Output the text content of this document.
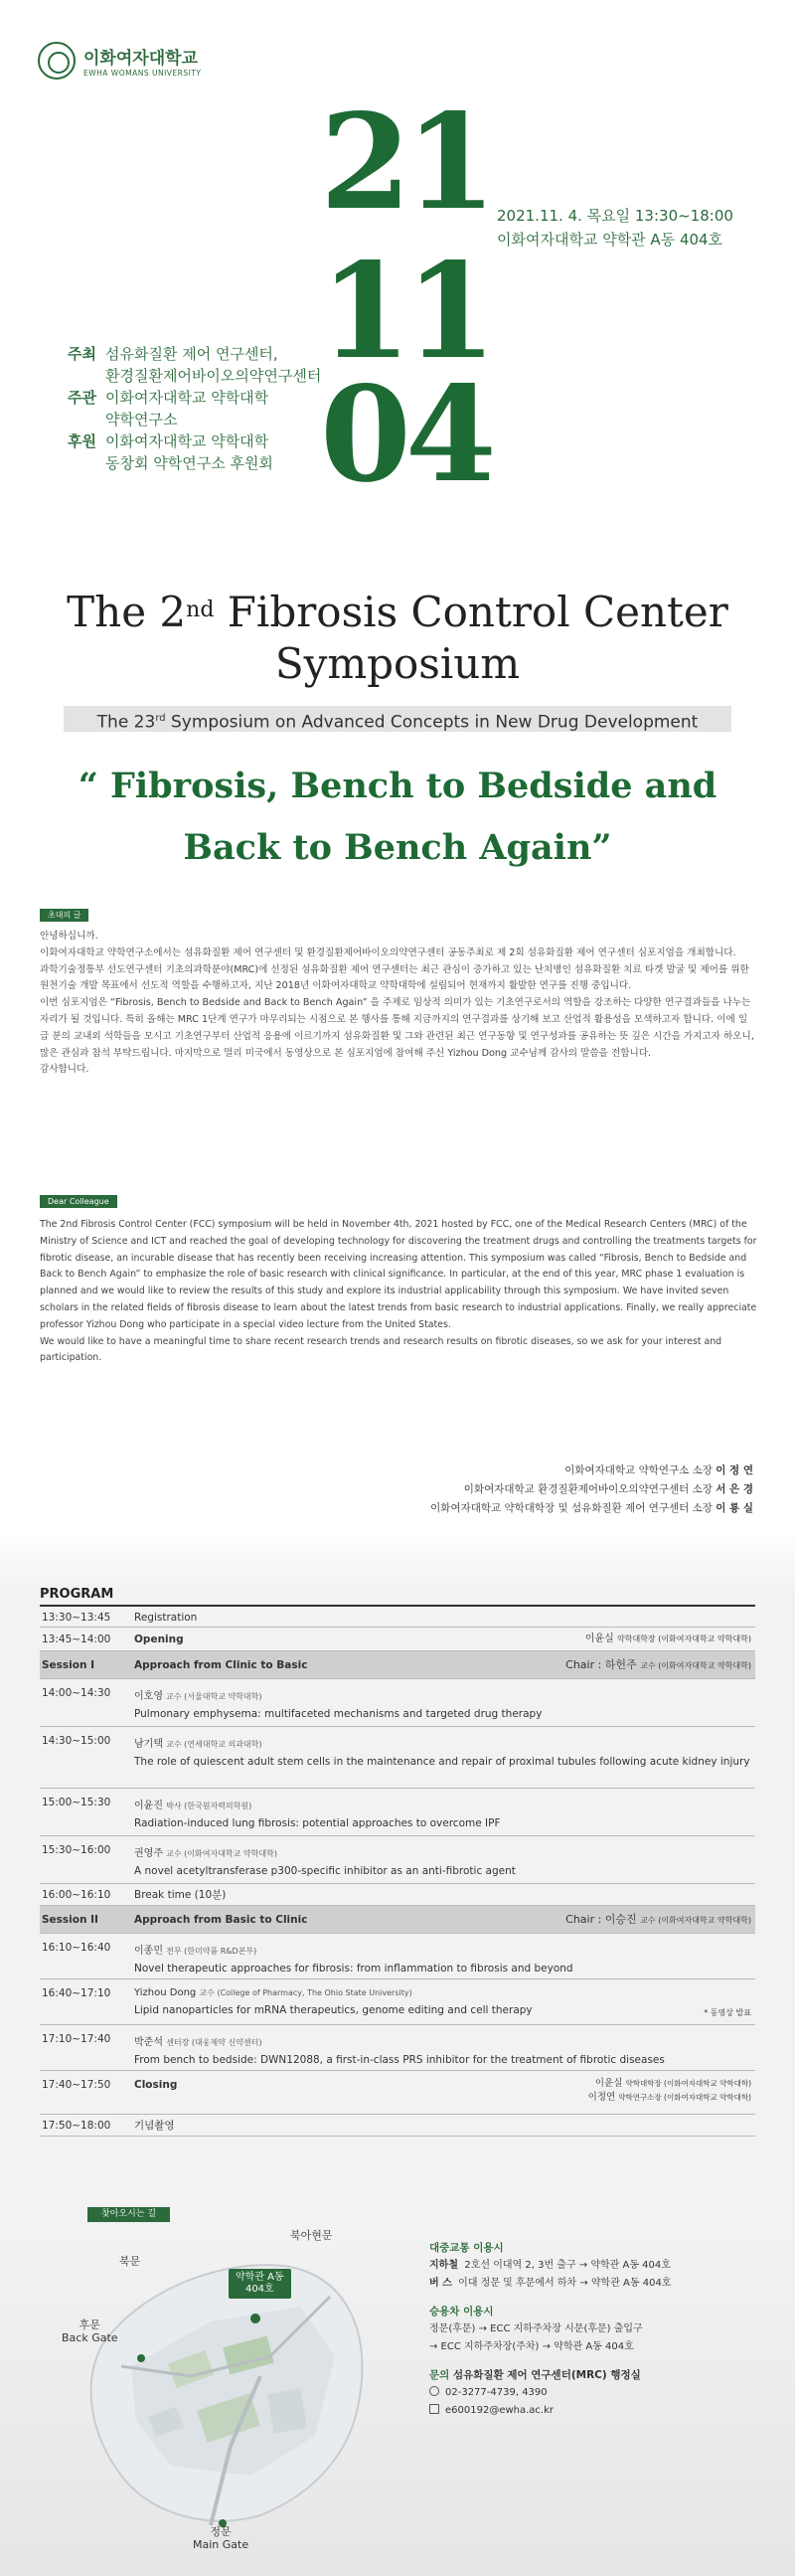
이화여자대학교
EWHA WOMANS UNIVERSITY
21
11
04
2021.11. 4. 목요일 13:30~18:00
이화여자대학교 약학관 A동 404호
주최 섬유화질환 제어 연구센터,
환경질환제어바이오의약연구센터
주관 이화여자대학교 약학대학
약학연구소
후원 이화여자대학교 약학대학
동창회 약학연구소 후원회
The 2nd Fibrosis Control Center
Symposium
The 23rd Symposium on Advanced Concepts in New Drug Development
“ Fibrosis, Bench to Bedside and
Back to Bench Again”
초대의 글

안녕하십니까.

이화여자대학교 약학연구소에서는 섬유화질환 제어 연구센터 및 환경질환제어바이오의약연구센터 공동주최로 제 2회 섬유화질환 제어 연구센터 심포지엄을 개최합니다.

과학기술정통부 선도연구센터 기초의과학분야(MRC)에 선정된 섬유화질환 제어 연구센터는 최근 관심이 증가하고 있는 난치병인 섬유화질환 치료 타겟 발굴 및 제어를 위한 원천기술 개발 목표에서 선도적 역할을 수행하고자, 지난 2018년 이화여자대학교 약학대학에 설립되어 현재까지 활발한 연구를 진행 중입니다.

이번 심포지엄은 “Fibrosis, Bench to Bedside and Back to Bench Again” 을 주제로 임상적 의미가 있는 기초연구로서의 역할을 강조하는 다양한 연구결과들을 나누는 자리가 될 것입니다. 특히 올해는 MRC 1단계 연구가 마무리되는 시점으로 본 행사를 통해 지금까지의 연구결과를 상기해 보고 산업적 활용성을 모색하고자 합니다. 이에 일급 분의 교내외 석학들을 모시고 기초연구부터 산업적 응용에 이르기까지 섬유화질환 및 그와 관련된 최근 연구동향 및 연구성과를 공유하는 뜻 깊은 시간을 가지고자 하오니, 많은 관심과 참석 부탁드립니다. 마지막으로 멀리 미국에서 동영상으로 본 심포지엄에 참여해 주신 Yizhou Dong 교수님께 감사의 말씀을 전합니다.

감사합니다.

Dear Colleague

The 2nd Fibrosis Control Center (FCC) symposium will be held in November 4th, 2021 hosted by FCC, one of the Medical Research Centers (MRC) of the Ministry of Science and ICT and reached the goal of developing technology for discovering the treatment drugs and controlling the treatments targets for fibrotic disease, an incurable disease that has recently been receiving increasing attention. This symposium was called “Fibrosis, Bench to Bedside and Back to Bench Again” to emphasize the role of basic research with clinical significance. In particular, at the end of this year, MRC phase 1 evaluation is planned and we would like to review the results of this study and explore its industrial applicability through this symposium. We have invited seven scholars in the related fields of fibrosis disease to learn about the latest trends from basic research to industrial applications. Finally, we really appreciate professor Yizhou Dong who participate in a special video lecture from the United States.

We would like to have a meaningful time to share recent research trends and research results on fibrotic diseases, so we ask for your interest and participation.

이화여자대학교 약학연구소 소장 이 정 연
이화여자대학교 환경질환제어바이오의약연구센터 소장 서 은 경
이화여자대학교 약학대학장 및 섬유화질환 제어 연구센터 소장 이 룡 실
PROGRAM
13:30~13:45	Registration
13:45~14:00	Opening	이윤실 약학대학장 (이화여자대학교 약학대학)
Session I	Approach from Clinic to Basic	Chair : 하헌주 교수 (이화여자대학교 약학대학)
14:00~14:30	이호영 교수 (서울대학교 약학대학)
Pulmonary emphysema: multifaceted mechanisms and targeted drug therapy
14:30~15:00	남기택 교수 (연세대학교 의과대학)
The role of quiescent adult stem cells in the maintenance and repair of proximal tubules following acute kidney injury
15:00~15:30	이윤진 박사 (한국원자력의학원)
Radiation-induced lung fibrosis: potential approaches to overcome IPF
15:30~16:00	권영주 교수 (이화여자대학교 약학대학)
A novel acetyltransferase p300-specific inhibitor as an anti-fibrotic agent
16:00~16:10	Break time (10분)
Session II	Approach from Basic to Clinic	Chair : 이승진 교수 (이화여자대학교 약학대학)
16:10~16:40	이종민 전무 (한미약품 R&D본부)
Novel therapeutic approaches for fibrosis: from inflammation to fibrosis and beyond
16:40~17:10	Yizhou Dong 교수 (College of Pharmacy, The Ohio State University)
Lipid nanoparticles for mRNA therapeutics, genome editing and cell therapy	* 동영상 발표
17:10~17:40	박준석 센터장 (대웅제약 신약센터)
From bench to bedside: DWN12088, a first-in-class PRS inhibitor for the treatment of fibrotic diseases
17:40~17:50	Closing	이윤실 약학대학장 (이화여자대학교 약학대학)
이정연 약학연구소장 (이화여자대학교 약학대학)
17:50~18:00	기념촬영
찾아오시는 길
북문
북아현문
후문
Back Gate
약학관 A동
404호
정문
Main Gate
대중교통 이용시
지하철 2호선 이대역 2, 3번 출구 → 약학관 A동 404호
버 스 이대 정문 및 후문에서 하차 → 약학관 A동 404호
승용차 이용시
정문(후문) → ECC 지하주차장 시문(후문) 출입구
→ ECC 지하주차장(주차) → 약학관 A동 404호
문의 섬유화질환 제어 연구센터(MRC) 행정실
02-3277-4739, 4390
e600192@ewha.ac.kr
